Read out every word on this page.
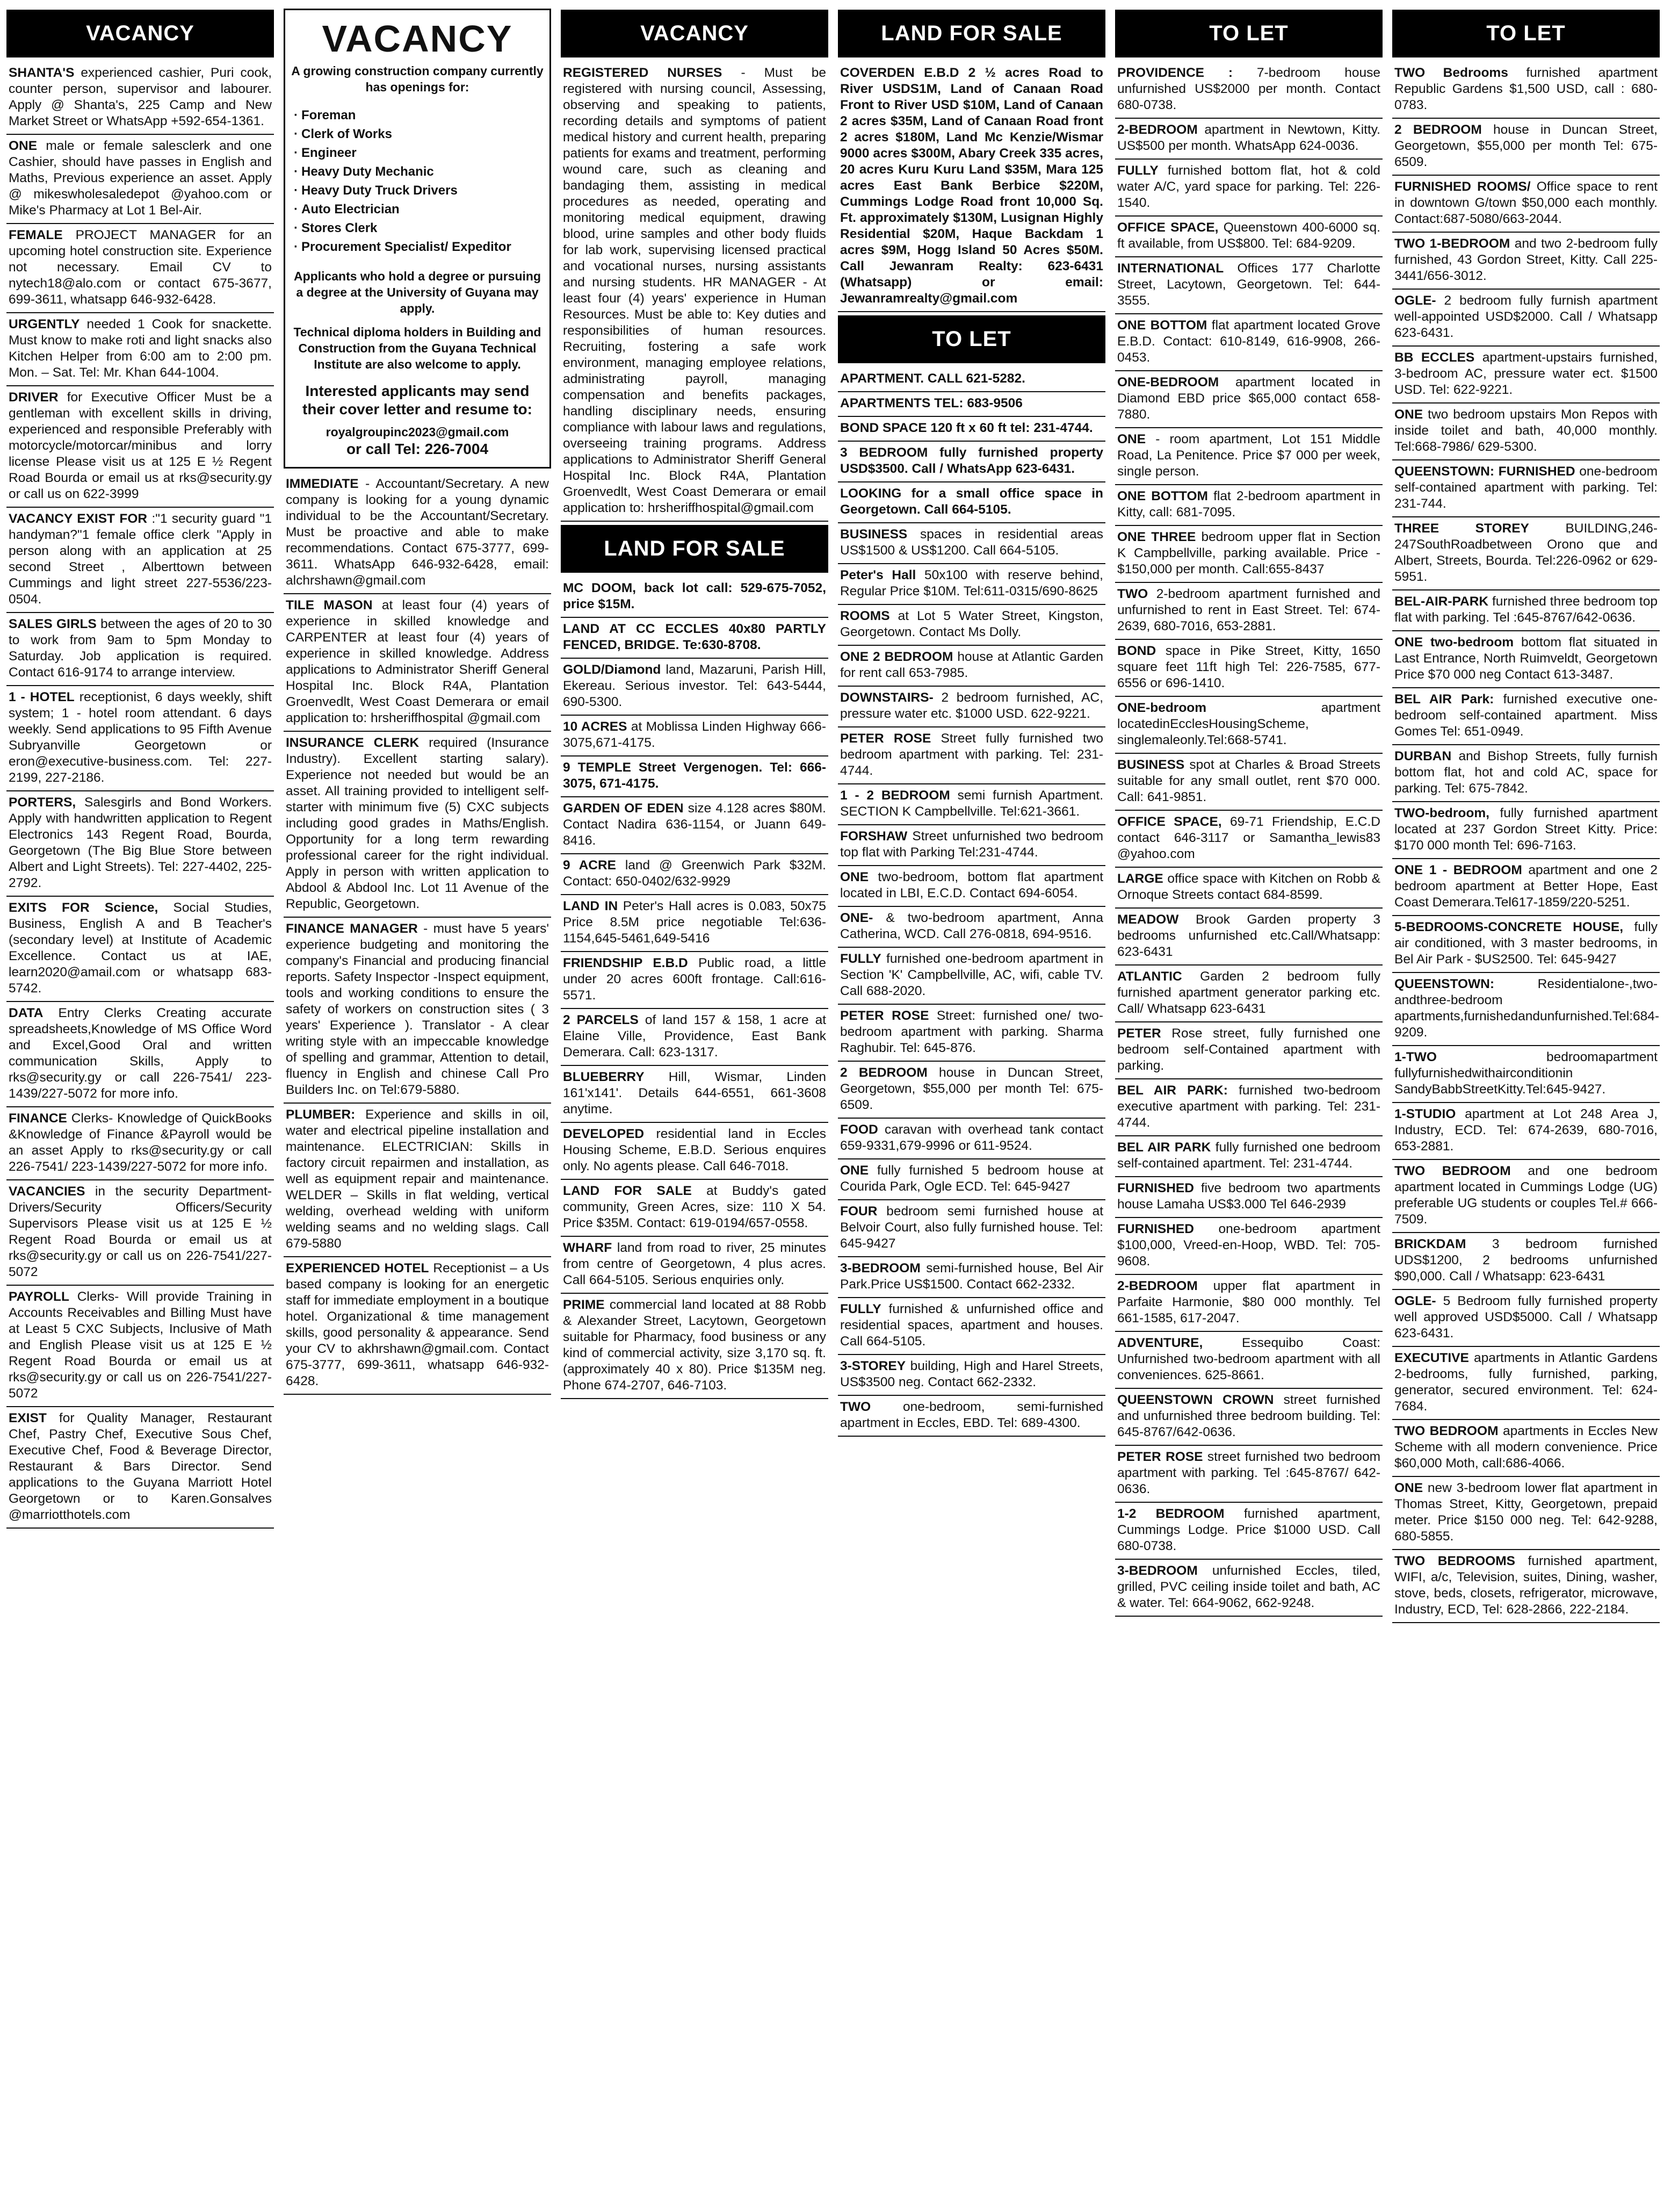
VACANCY
SHANTA'S experienced cashier, Puri cook, counter person, supervisor and labourer. Apply @ Shanta's, 225 Camp and New Market Street or WhatsApp +592-654-1361.
ONE male or female salesclerk and one Cashier, should have passes in English and Maths, Previous experience an asset. Apply @ mikeswholesaledepot @yahoo.com or Mike's Pharmacy at Lot 1 Bel-Air.
FEMALE PROJECT MANAGER for an upcoming hotel construction site. Experience not necessary. Email CV to nytech18@alo.com or contact 675-3677, 699-3611, whatsapp 646-932-6428.
URGENTLY needed 1 Cook for snackette. Must know to make roti and light snacks also Kitchen Helper from 6:00 am to 2:00 pm. Mon. – Sat. Tel: Mr. Khan 644-1004.
DRIVER for Executive Officer Must be a gentleman with excellent skills in driving, experienced and responsible Preferably with motorcycle/motorcar/minibus and lorry license Please visit us at 125 E ½ Regent Road Bourda or email us at rks@security.gy or call us on 622-3999
VACANCY EXIST FOR :"1 security guard "1 handyman?"1 female office clerk "Apply in person along with an application at 25 second Street , Alberttown between Cummings and light street 227-5536/223-0504.
SALES GIRLS between the ages of 20 to 30 to work from 9am to 5pm Monday to Saturday. Job application is required. Contact 616-9174 to arrange interview.
1 - HOTEL receptionist, 6 days weekly, shift system; 1 - hotel room attendant. 6 days weekly. Send applications to 95 Fifth Avenue Subryanville Georgetown or eron@executive-business.com. Tel: 227-2199, 227-2186.
PORTERS, Salesgirls and Bond Workers. Apply with handwritten application to Regent Electronics 143 Regent Road, Bourda, Georgetown (The Big Blue Store between Albert and Light Streets). Tel: 227-4402, 225-2792.
EXITS FOR Science, Social Studies, Business, English A and B Teacher's (secondary level) at Institute of Academic Excellence. Contact us at IAE, learn2020@amail.com or whatsapp 683-5742.
DATA Entry Clerks Creating accurate spreadsheets,Knowledge of MS Office Word and Excel,Good Oral and written communication Skills, Apply to rks@security.gy or call 226-7541/ 223-1439/227-5072 for more info.
FINANCE Clerks- Knowledge of QuickBooks &Knowledge of Finance &Payroll would be an asset Apply to rks@security.gy or call 226-7541/ 223-1439/227-5072 for more info.
VACANCIES in the security Department- Drivers/Security Officers/Security Supervisors Please visit us at 125 E ½ Regent Road Bourda or email us at rks@security.gy or call us on 226-7541/227-5072
PAYROLL Clerks- Will provide Training in Accounts Receivables and Billing Must have at Least 5 CXC Subjects, Inclusive of Math and English Please visit us at 125 E ½ Regent Road Bourda or email us at rks@security.gy or call us on 226-7541/227-5072
EXIST for Quality Manager, Restaurant Chef, Pastry Chef, Executive Sous Chef, Executive Chef, Food & Beverage Director, Restaurant & Bars Director. Send applications to the Guyana Marriott Hotel Georgetown or to Karen.Gonsalves @marriotthotels.com
VACANCY
A growing construction company currently has openings for:
· Foreman
· Clerk of Works
· Engineer
· Heavy Duty Mechanic
· Heavy Duty Truck Drivers
· Auto Electrician
· Stores Clerk
· Procurement Specialist/ Expeditor
Applicants who hold a degree or pursuing a degree at the University of Guyana may apply.
Technical diploma holders in Building and Construction from the Guyana Technical Institute are also welcome to apply.
Interested applicants may send their cover letter and resume to:
royalgroupinc2023@gmail.com
or call Tel: 226-7004
IMMEDIATE - Accountant/Secretary. A new company is looking for a young dynamic individual to be the Accountant/Secretary. Must be proactive and able to make recommendations. Contact 675-3777, 699-3611. WhatsApp 646-932-6428, email: alchrshawn@gmail.com
TILE MASON at least four (4) years of experience in skilled knowledge and CARPENTER at least four (4) years of experience in skilled knowledge. Address applications to Administrator Sheriff General Hospital Inc. Block R4A, Plantation Groenvedlt, West Coast Demerara or email application to: hrsheriffhospital @gmail.com
INSURANCE CLERK required (Insurance Industry). Excellent starting salary). Experience not needed but would be an asset. All training provided to intelligent self-starter with minimum five (5) CXC subjects including good grades in Maths/English. Opportunity for a long term rewarding professional career for the right individual. Apply in person with written application to Abdool & Abdool Inc. Lot 11 Avenue of the Republic, Georgetown.
FINANCE MANAGER - must have 5 years' experience budgeting and monitoring the company's Financial and producing financial reports. Safety Inspector -Inspect equipment, tools and working conditions to ensure the safety of workers on construction sites ( 3 years' Experience ). Translator - A clear writing style with an impeccable knowledge of spelling and grammar, Attention to detail, fluency in English and chinese Call Pro Builders Inc. on Tel:679-5880.
PLUMBER: Experience and skills in oil, water and electrical pipeline installation and maintenance. ELECTRICIAN: Skills in factory circuit repairmen and installation, as well as equipment repair and maintenance. WELDER – Skills in flat welding, vertical welding, overhead welding with uniform welding seams and no welding slags. Call 679-5880
EXPERIENCED HOTEL Receptionist – a Us based company is looking for an energetic staff for immediate employment in a boutique hotel. Organizational & time management skills, good personality & appearance. Send your CV to akhrshawn@gmail.com. Contact 675-3777, 699-3611, whatsapp 646-932-6428.
VACANCY
REGISTERED NURSES - Must be registered with nursing council, Assessing, observing and speaking to patients, recording details and symptoms of patient medical history and current health, preparing patients for exams and treatment, performing wound care, such as cleaning and bandaging them, assisting in medical procedures as needed, operating and monitoring medical equipment, drawing blood, urine samples and other body fluids for lab work, supervising licensed practical and vocational nurses, nursing assistants and nursing students. HR MANAGER - At least four (4) years' experience in Human Resources. Must be able to: Key duties and responsibilities of human resources. Recruiting, fostering a safe work environment, managing employee relations, administrating payroll, managing compensation and benefits packages, handling disciplinary needs, ensuring compliance with labour laws and regulations, overseeing training programs. Address applications to Administrator Sheriff General Hospital Inc. Block R4A, Plantation Groenvedlt, West Coast Demerara or email application to: hrsheriffhospital@gmail.com
LAND FOR SALE
MC DOOM, back lot call: 529-675-7052, price $15M.
LAND AT CC ECCLES 40x80 PARTLY FENCED, BRIDGE. Te:630-8708.
GOLD/Diamond land, Mazaruni, Parish Hill, Ekereau. Serious investor. Tel: 643-5444, 690-5300.
10 ACRES at Moblissa Linden Highway 666-3075,671-4175.
9 TEMPLE Street Vergenogen. Tel: 666-3075, 671-4175.
GARDEN OF EDEN size 4.128 acres $80M. Contact Nadira 636-1154, or Juann 649-8416.
9 ACRE land @ Greenwich Park $32M. Contact: 650-0402/632-9929
LAND IN Peter's Hall acres is 0.083, 50x75 Price 8.5M price negotiable Tel:636-1154,645-5461,649-5416
FRIENDSHIP E.B.D Public road, a little under 20 acres 600ft frontage. Call:616-5571.
2 PARCELS of land 157 & 158, 1 acre at Elaine Ville, Providence, East Bank Demerara. Call: 623-1317.
BLUEBERRY Hill, Wismar, Linden 161'x141'. Details 644-6551, 661-3608 anytime.
DEVELOPED residential land in Eccles Housing Scheme, E.B.D. Serious enquires only. No agents please. Call 646-7018.
LAND FOR SALE at Buddy's gated community, Green Acres, size: 110 X 54. Price $35M. Contact: 619-0194/657-0558.
WHARF land from road to river, 25 minutes from centre of Georgetown, 4 plus acres. Call 664-5105. Serious enquiries only.
PRIME commercial land located at 88 Robb & Alexander Street, Lacytown, Georgetown suitable for Pharmacy, food business or any kind of commercial activity, size 3,170 sq. ft. (approximately 40 x 80). Price $135M neg. Phone 674-2707, 646-7103.
LAND FOR SALE
COVERDEN E.B.D 2 ½ acres Road to River USDS1M, Land of Canaan Road Front to River USD $10M, Land of Canaan 2 acres $35M, Land of Canaan Road front 2 acres $180M, Land Mc Kenzie/Wismar 9000 acres $300M, Abary Creek 335 acres, 20 acres Kuru Kuru Land $35M, Mara 125 acres East Bank Berbice $220M, Cummings Lodge Road front 10,000 Sq. Ft. approximately $130M, Lusignan Highly Residential $20M, Haque Backdam 1 acres $9M, Hogg Island 50 Acres $50M. Call Jewanram Realty: 623-6431 (Whatsapp) or email: Jewanramrealty@gmail.com
TO LET
APARTMENT. CALL 621-5282.
APARTMENTS TEL: 683-9506
BOND SPACE 120 ft x 60 ft tel: 231-4744.
3 BEDROOM fully furnished property USD$3500. Call / WhatsApp 623-6431.
LOOKING for a small office space in Georgetown. Call 664-5105.
BUSINESS spaces in residential areas US$1500 & US$1200. Call 664-5105.
Peter's Hall 50x100 with reserve behind, Regular Price $10M. Tel:611-0315/690-8625
ROOMS at Lot 5 Water Street, Kingston, Georgetown. Contact Ms Dolly.
ONE 2 BEDROOM house at Atlantic Garden for rent call 653-7985.
DOWNSTAIRS- 2 bedroom furnished, AC, pressure water etc. $1000 USD. 622-9221.
PETER ROSE Street fully furnished two bedroom apartment with parking. Tel: 231-4744.
1 - 2 BEDROOM semi furnish Apartment. SECTION K Campbellville. Tel:621-3661.
FORSHAW Street unfurnished two bedroom top flat with Parking Tel:231-4744.
ONE two-bedroom, bottom flat apartment located in LBI, E.C.D. Contact 694-6054.
ONE- & two-bedroom apartment, Anna Catherina, WCD. Call 276-0818, 694-9516.
FULLY furnished one-bedroom apartment in Section 'K' Campbellville, AC, wifi, cable TV. Call 688-2020.
PETER ROSE Street: furnished one/ two-bedroom apartment with parking. Sharma Raghubir. Tel: 645-876.
2 BEDROOM house in Duncan Street, Georgetown, $55,000 per month Tel: 675-6509.
FOOD caravan with overhead tank contact 659-9331,679-9996 or 611-9524.
ONE fully furnished 5 bedroom house at Courida Park, Ogle ECD. Tel: 645-9427
FOUR bedroom semi furnished house at Belvoir Court, also fully furnished house. Tel: 645-9427
3-BEDROOM semi-furnished house, Bel Air Park.Price US$1500. Contact 662-2332.
FULLY furnished & unfurnished office and residential spaces, apartment and houses. Call 664-5105.
3-STOREY building, High and Harel Streets, US$3500 neg. Contact 662-2332.
TWO one-bedroom, semi-furnished apartment in Eccles, EBD. Tel: 689-4300.
TO LET
PROVIDENCE : 7-bedroom house unfurnished US$2000 per month. Contact 680-0738.
2-BEDROOM apartment in Newtown, Kitty. US$500 per month. WhatsApp 624-0036.
FULLY furnished bottom flat, hot & cold water A/C, yard space for parking. Tel: 226-1540.
OFFICE SPACE, Queenstown 400-6000 sq. ft available, from US$800. Tel: 684-9209.
INTERNATIONAL Offices 177 Charlotte Street, Lacytown, Georgetown. Tel: 644-3555.
ONE BOTTOM flat apartment located Grove E.B.D. Contact: 610-8149, 616-9908, 266-0453.
ONE-BEDROOM apartment located in Diamond EBD price $65,000 contact 658-7880.
ONE - room apartment, Lot 151 Middle Road, La Penitence. Price $7 000 per week, single person.
ONE BOTTOM flat 2-bedroom apartment in Kitty, call: 681-7095.
ONE THREE bedroom upper flat in Section K Campbellville, parking available. Price - $150,000 per month. Call:655-8437
TWO 2-bedroom apartment furnished and unfurnished to rent in East Street. Tel: 674-2639, 680-7016, 653-2881.
BOND space in Pike Street, Kitty, 1650 square feet 11ft high Tel: 226-7585, 677-6556 or 696-1410.
ONE-bedroom	apartment locatedinEcclesHousingScheme, singlemaleonly.Tel:668-5741.
BUSINESS spot at Charles & Broad Streets suitable for any small outlet, rent $70 000. Call: 641-9851.
OFFICE SPACE, 69-71 Friendship, E.C.D contact 646-3117 or Samantha_lewis83 @yahoo.com
LARGE office space with Kitchen on Robb & Ornoque Streets contact 684-8599.
MEADOW Brook Garden property 3 bedrooms unfurnished etc.Call/Whatsapp: 623-6431
ATLANTIC Garden 2 bedroom fully furnished apartment generator parking etc. Call/ Whatsapp 623-6431
PETER Rose street, fully furnished one bedroom self-Contained apartment with parking.
BEL AIR PARK: furnished two-bedroom executive apartment with parking. Tel: 231-4744.
BEL AIR PARK fully furnished one bedroom self-contained apartment. Tel: 231-4744.
FURNISHED five bedroom two apartments house Lamaha US$3.000 Tel 646-2939
FURNISHED one-bedroom apartment $100,000, Vreed-en-Hoop, WBD. Tel: 705-9608.
2-BEDROOM upper flat apartment in Parfaite Harmonie, $80 000 monthly. Tel 661-1585, 617-2047.
ADVENTURE,	Essequibo Coast: Unfurnished two-bedroom apartment with all conveniences. 625-8661.
QUEENSTOWN CROWN street furnished and unfurnished three bedroom building. Tel: 645-8767/642-0636.
PETER ROSE street furnished two bedroom apartment with parking. Tel :645-8767/ 642-0636.
1-2 BEDROOM furnished apartment, Cummings Lodge. Price $1000 USD. Call 680-0738.
3-BEDROOM unfurnished Eccles, tiled, grilled, PVC ceiling inside toilet and bath, AC & water. Tel: 664-9062, 662-9248.
TO LET
TWO Bedrooms furnished apartment Republic Gardens $1,500 USD, call : 680-0783.
2 BEDROOM house in Duncan Street, Georgetown, $55,000 per month Tel: 675-6509.
FURNISHED ROOMS/ Office space to rent in downtown G/town $50,000 each monthly. Contact:687-5080/663-2044.
TWO 1-BEDROOM and two 2-bedroom fully furnished, 43 Gordon Street, Kitty. Call 225- 3441/656-3012.
OGLE- 2 bedroom fully furnish apartment well-appointed USD$2000. Call / Whatsapp 623-6431.
BB ECCLES apartment-upstairs furnished, 3-bedroom AC, pressure water ect. $1500 USD. Tel: 622-9221.
ONE two bedroom upstairs Mon Repos with inside toilet and bath, 40,000 monthly. Tel:668-7986/ 629-5300.
QUEENSTOWN: FURNISHED one-bedroom self-contained apartment with parking. Tel: 231-744.
THREE STOREY	BUILDING,246-247SouthRoadbetween Orono que and Albert, Streets, Bourda. Tel:226-0962 or 629-5951.
BEL-AIR-PARK furnished three bedroom top flat with parking. Tel :645-8767/642-0636.
ONE two-bedroom bottom flat situated in Last Entrance, North Ruimveldt, Georgetown Price $70 000 neg Contact 613-3487.
BEL AIR Park: furnished executive one-bedroom self-contained apartment. Miss Gomes Tel: 651-0949.
DURBAN and Bishop Streets, fully furnish bottom flat, hot and cold AC, space for parking. Tel: 675-7842.
TWO-bedroom, fully furnished apartment located at 237 Gordon Street Kitty. Price: $170 000 month Tel: 696-7163.
ONE 1 - BEDROOM apartment and one 2 bedroom apartment at Better Hope, East Coast Demerara.Tel617-1859/220-5251.
5-BEDROOMS-CONCRETE HOUSE, fully air conditioned, with 3 master bedrooms, in Bel Air Park - $US2500. Tel: 645-9427
QUEENSTOWN:	Residentialone-,two-andthree-bedroom apartments,furnishedandunfurnished.Tel:684-9209.
1-TWO	bedroomapartment fullyfurnishedwithairconditionin SandyBabbStreetKitty.Tel:645-9427.
1-STUDIO apartment at Lot 248 Area J, Industry, ECD. Tel: 674-2639, 680-7016, 653-2881.
TWO BEDROOM and one bedroom apartment located in Cummings Lodge (UG) preferable UG students or couples Tel.# 666-7509.
BRICKDAM 3 bedroom furnished UDS$1200, 2 bedrooms unfurnished $90,000. Call / Whatsapp: 623-6431
OGLE- 5 Bedroom fully furnished property well approved USD$5000. Call / Whatsapp 623-6431.
EXECUTIVE apartments in Atlantic Gardens 2-bedrooms, fully furnished, parking, generator, secured environment. Tel: 624-7684.
TWO BEDROOM apartments in Eccles New Scheme with all modern convenience. Price $60,000 Moth, call:686-4066.
ONE new 3-bedroom lower flat apartment in Thomas Street, Kitty, Georgetown, prepaid meter. Price $150 000 neg. Tel: 642-9288, 680-5855.
TWO BEDROOMS furnished apartment, WIFI, a/c, Television, suites, Dining, washer, stove, beds, closets, refrigerator, microwave, Industry, ECD, Tel: 628-2866, 222-2184.
